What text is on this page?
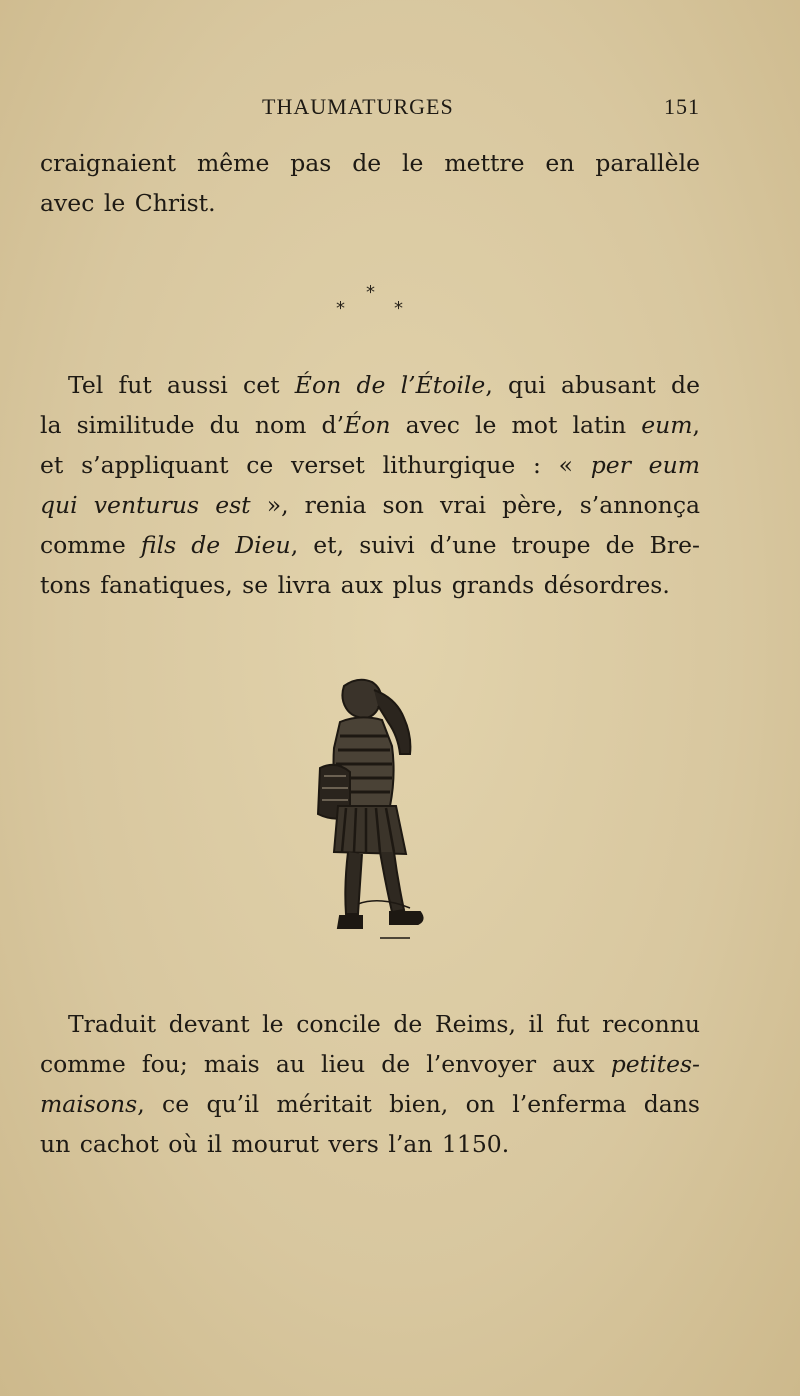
THAUMATURGES	151
craignaient même pas de le mettre en parallèle
avec le Christ.
*
*	*
Tel fut aussi cet Éon de l’Étoile, qui abusant de
la similitude du nom d’Éon avec le mot latin eum,
et s’appliquant ce verset lithurgique : « per eum
qui venturus est », renia son vrai père, s’annonça
comme fils de Dieu, et, suivi d’une troupe de Bre-
tons fanatiques, se livra aux plus grands désordres.
Traduit devant le concile de Reims, il fut reconnu
comme fou; mais au lieu de l’envoyer aux petites-
maisons, ce qu’il méritait bien, on l’enferma dans
un cachot où il mourut vers l’an 1150.
